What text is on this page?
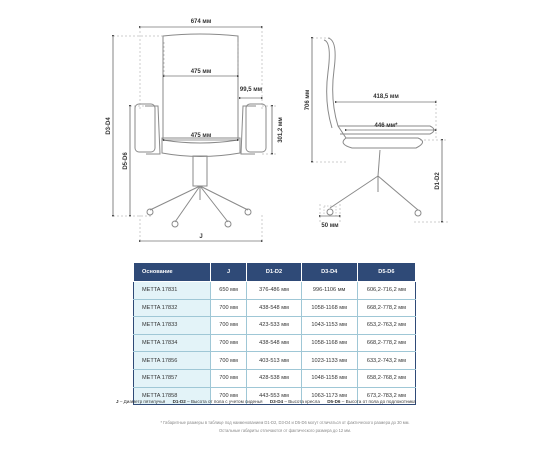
674 мм
475 мм
475 мм
99,5 мм
301,2 мм
D3-D4
D5-D6
J
706 мм	418,5 мм
446 мм*
D1-D2
50 мм
Основание	J	D1-D2	D3-D4	D5-D6
METTA 17831	650 мм	376-486 мм	996-1106 мм	606,2-716,2 мм
METTA 17832	700 мм	438-548 мм	1058-1168 мм	668,2-778,2 мм
METTA 17833	700 мм	423-533 мм	1043-1153 мм	653,2-763,2 мм
METTA 17834	700 мм	438-548 мм	1058-1168 мм	668,2-778,2 мм
METTA 17856	700 мм	403-513 мм	1023-1133 мм	633,2-743,2 мм
METTA 17857	700 мм	428-538 мм	1048-1158 мм	658,2-768,2 мм
METTA 17858	700 мм	443-553 мм	1063-1173 мм	673,2-783,2 мм
J – Диаметр пятилучья D1-D2 – Высота от пола с учетом сиденья D3-D4 – Высота кресла D5-D6 – Высота от пола до подлокотника
* Габаритные размеры в таблице под наименованием D1-D2, D3-D4 и D5-D6 могут отличаться от фактического размера до 30 мм.
Остальные габариты отличаются от фактического размера до 12 мм.
